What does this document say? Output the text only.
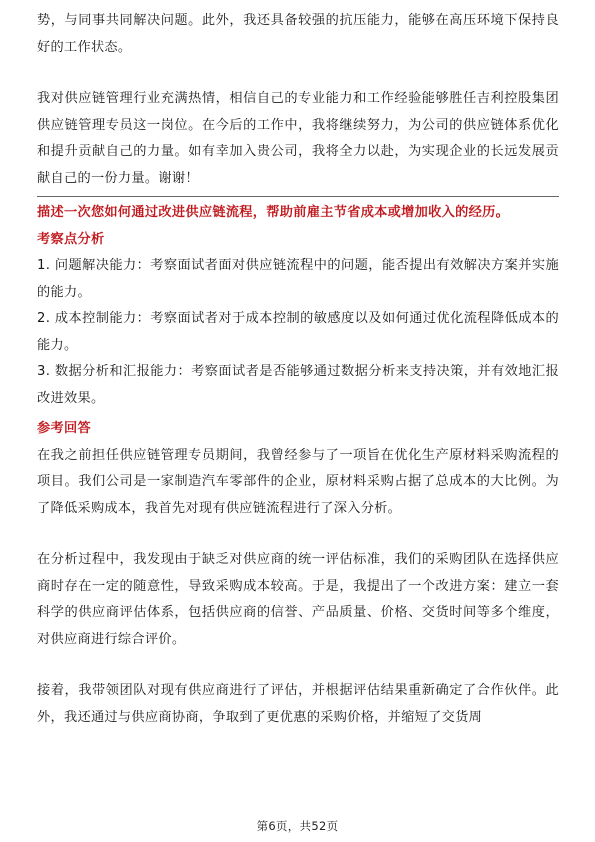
势，与同事共同解决问题。此外，我还具备较强的抗压能力，能够在高压环境下保持良好的工作状态。

我对供应链管理行业充满热情，相信自己的专业能力和工作经验能够胜任吉利控股集团供应链管理专员这一岗位。在今后的工作中，我将继续努力，为公司的供应链体系优化和提升贡献自己的力量。如有幸加入贵公司，我将全力以赴，为实现企业的长远发展贡献自己的一份力量。谢谢！

描述一次您如何通过改进供应链流程，帮助前雇主节省成本或增加收入的经历。

考察点分析

1. 问题解决能力：考察面试者面对供应链流程中的问题，能否提出有效解决方案并实施的能力。

2. 成本控制能力：考察面试者对于成本控制的敏感度以及如何通过优化流程降低成本的能力。

3. 数据分析和汇报能力：考察面试者是否能够通过数据分析来支持决策，并有效地汇报改进效果。

参考回答

在我之前担任供应链管理专员期间，我曾经参与了一项旨在优化生产原材料采购流程的项目。我们公司是一家制造汽车零部件的企业，原材料采购占据了总成本的大比例。为了降低采购成本，我首先对现有供应链流程进行了深入分析。

在分析过程中，我发现由于缺乏对供应商的统一评估标准，我们的采购团队在选择供应商时存在一定的随意性，导致采购成本较高。于是，我提出了一个改进方案：建立一套科学的供应商评估体系，包括供应商的信誉、产品质量、价格、交货时间等多个维度，对供应商进行综合评价。

接着，我带领团队对现有供应商进行了评估，并根据评估结果重新确定了合作伙伴。此外，我还通过与供应商协商，争取到了更优惠的采购价格，并缩短了交货周

第6页，共52页
